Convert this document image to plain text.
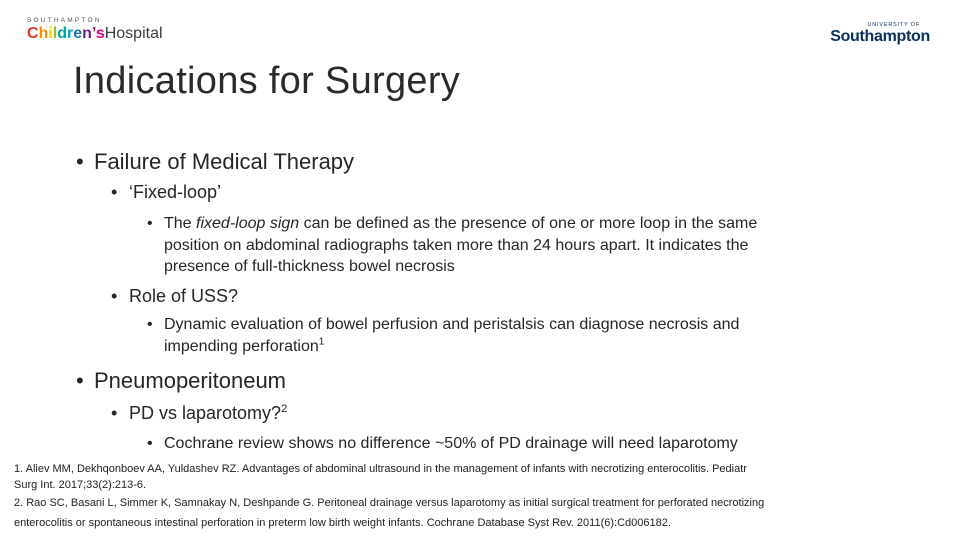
SOUTHAMPTON
Children’sHospital	UNIVERSITY OF
Southampton
Indications for Surgery
• Failure of Medical Therapy
• ‘Fixed-loop’
• The fixed-loop sign can be defined as the presence of one or more loop in the same
position on abdominal radiographs taken more than 24 hours apart. It indicates the
presence of full-thickness bowel necrosis
• Role of USS?
• Dynamic evaluation of bowel perfusion and peristalsis can diagnose necrosis and
impending perforation$^1$
• Pneumoperitoneum
• PD vs laparotomy?$^2$
• Cochrane review shows no difference ~50% of PD drainage will need laparotomy
1. Aliev MM, Dekhqonboev AA, Yuldashev RZ. Advantages of abdominal ultrasound in the management of infants with necrotizing enterocolitis. Pediatr
Surg Int. 2017;33(2):213-6.
2. Rao SC, Basani L, Simmer K, Samnakay N, Deshpande G. Peritoneal drainage versus laparotomy as initial surgical treatment for perforated necrotizing
enterocolitis or spontaneous intestinal perforation in preterm low birth weight infants. Cochrane Database Syst Rev. 2011(6):Cd006182.
